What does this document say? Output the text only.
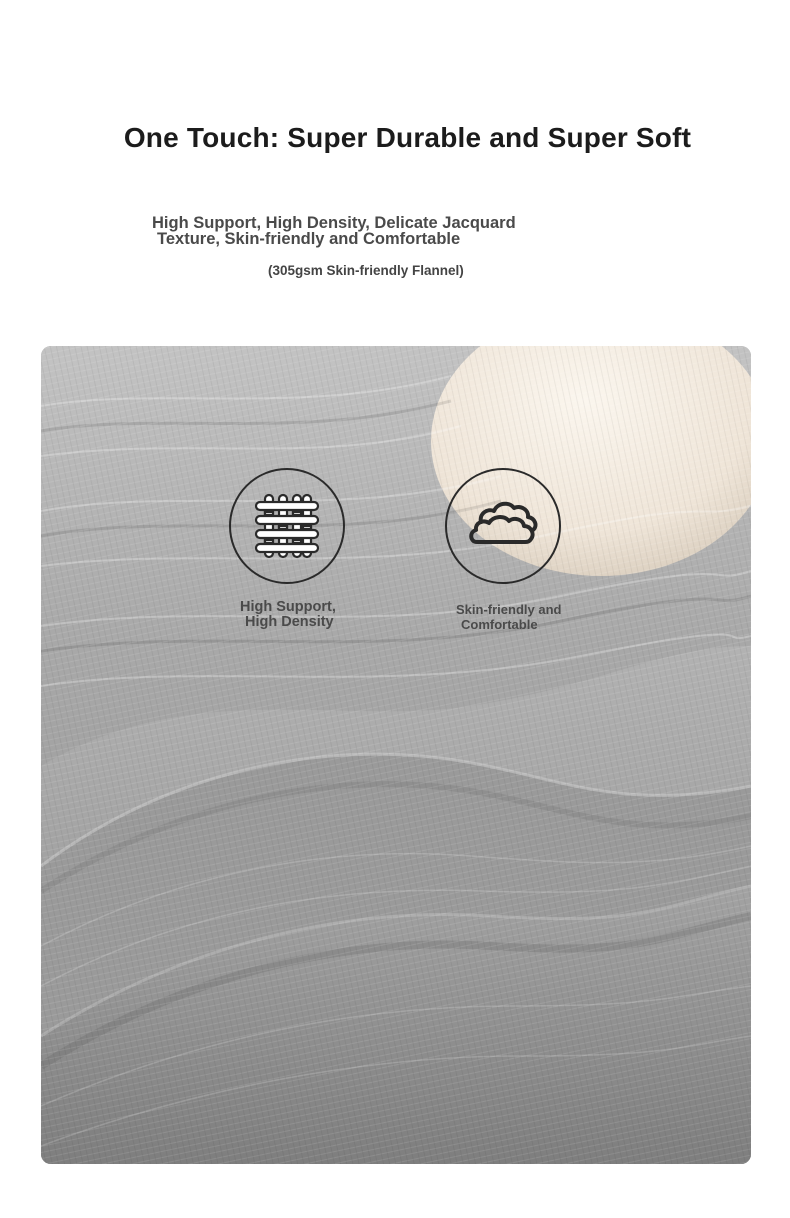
One Touch: Super Durable and Super Soft

High Support, High Density, Delicate Jacquard
Texture, Skin-friendly and Comfortable

(305gsm Skin-friendly Flannel)

High Support,
High Density

Skin-friendly and
Comfortable
